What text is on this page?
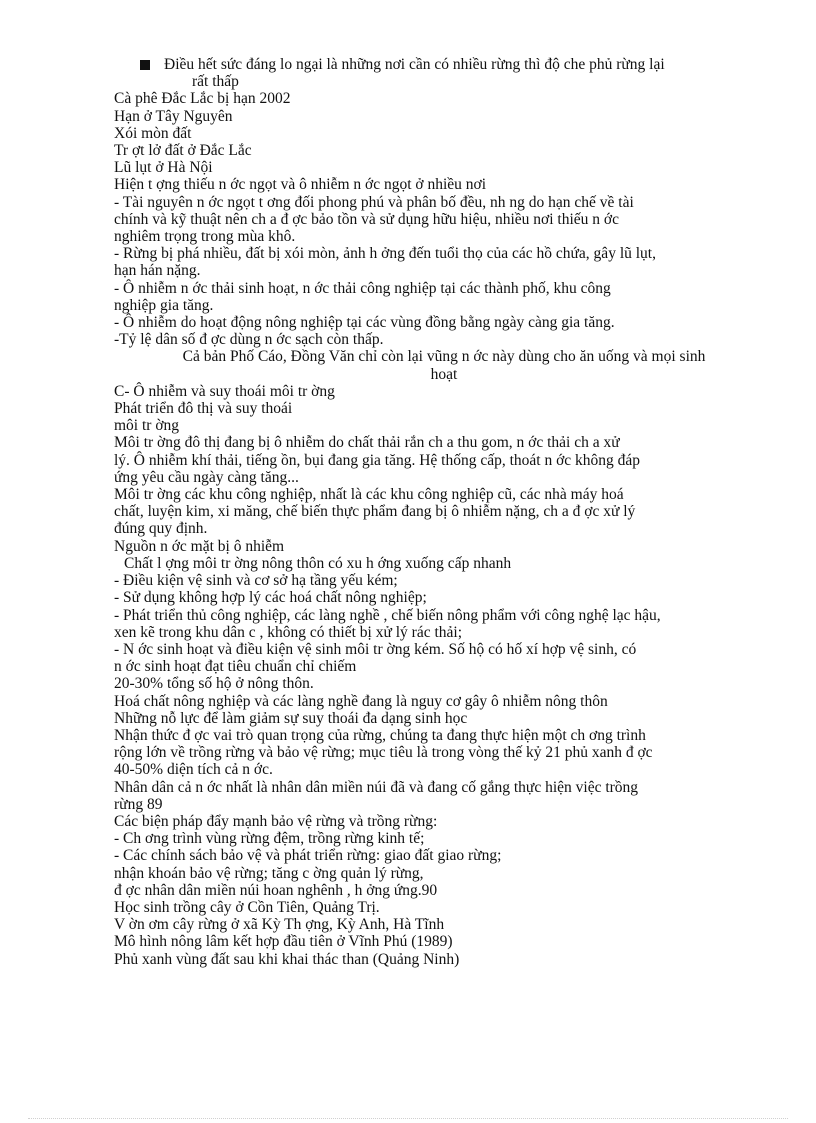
Điều hết sức đáng lo ngại là những nơi cần có nhiều rừng thì độ che phủ rừng lại
rất thấp
Cà phê Đắc Lắc bị hạn 2002
Hạn ở Tây Nguyên
Xói mòn đất
Tr ợt lở đất ở Đắc Lắc
Lũ lụt ở Hà Nội
Hiện t ợng thiếu n ớc ngọt và ô nhiễm n ớc ngọt ở nhiều nơi
- Tài nguyên n ớc ngọt t ơng đối phong phú và phân bố đều, nh ng do hạn chế về tài
chính và kỹ thuật nên ch a đ ợc bảo tồn và sử dụng hữu hiệu, nhiều nơi thiếu n ớc
nghiêm trọng trong mùa khô.
- Rừng bị phá nhiều, đất bị xói mòn, ảnh h ởng đến tuổi thọ của các hồ chứa, gây lũ lụt,
hạn hán nặng.
- Ô nhiễm n ớc thải sinh hoạt, n ớc thải công nghiệp tại các thành phố, khu công
nghiệp gia tăng.
- Ô nhiễm do hoạt động nông nghiệp tại các vùng đồng bằng ngày càng gia tăng.
-Tỷ lệ dân số đ ợc dùng n ớc sạch còn thấp.
Cả bản Phố Cáo, Đồng Văn chỉ còn lại vũng n ớc này dùng cho ăn uống và mọi sinh
hoạt
C- Ô nhiễm và suy thoái môi tr ờng
Phát triển đô thị và suy thoái
môi tr ờng
Môi tr ờng đô thị đang bị ô nhiễm do chất thải rắn ch a thu gom, n ớc thải ch a xử
lý. Ô nhiễm khí thải, tiếng ồn, bụi đang gia tăng. Hệ thống cấp, thoát n ớc không đáp
ứng yêu cầu ngày càng tăng...
Môi tr ờng các khu công nghiệp, nhất là các khu công nghiệp cũ, các nhà máy hoá
chất, luyện kim, xi măng, chế biến thực phẩm đang bị ô nhiễm nặng, ch a đ ợc xử lý
đúng quy định.
Nguồn n ớc mặt bị ô nhiễm
Chất l ợng môi tr ờng nông thôn có xu h ớng xuống cấp nhanh
- Điều kiện vệ sinh và cơ sở hạ tầng yếu kém;
- Sử dụng không hợp lý các hoá chất nông nghiệp;
- Phát triển thủ công nghiệp, các làng nghề , chế biến nông phẩm với công nghệ lạc hậu,
xen kẽ trong khu dân c , không có thiết bị xử lý rác thải;
- N ớc sinh hoạt và điều kiện vệ sinh môi tr ờng kém. Số hộ có hố xí hợp vệ sinh, có
n ớc sinh hoạt đạt tiêu chuẩn chỉ chiếm
20-30% tổng số hộ ở nông thôn.
Hoá chất nông nghiệp và các làng nghề đang là nguy cơ gây ô nhiễm nông thôn
Những nỗ lực để làm giảm sự suy thoái đa dạng sinh học
Nhận thức đ ợc vai trò quan trọng của rừng, chúng ta đang thực hiện một ch ơng trình
rộng lớn về trồng rừng và bảo vệ rừng; mục tiêu là trong vòng thế kỷ 21 phủ xanh đ ợc
40-50% diện tích cả n ớc.
Nhân dân cả n ớc nhất là nhân dân miền núi đã và đang cố gắng thực hiện việc trồng
rừng 89
Các biện pháp đẩy mạnh bảo vệ rừng và trồng rừng:
- Ch ơng trình vùng rừng đệm, trồng rừng kinh tế;
- Các chính sách bảo vệ và phát triển rừng: giao đất giao rừng;
nhận khoán bảo vệ rừng; tăng c ờng quản lý rừng,
đ ợc nhân dân miền núi hoan nghênh , h ởng ứng.90
Học sinh trồng cây ở Cồn Tiên, Quảng Trị.
V ờn ơm cây rừng ở xã Kỳ Th ợng, Kỳ Anh, Hà Tĩnh
Mô hình nông lâm kết hợp đầu tiên ở Vĩnh Phú (1989)
Phủ xanh vùng đất sau khi khai thác than (Quảng Ninh)
